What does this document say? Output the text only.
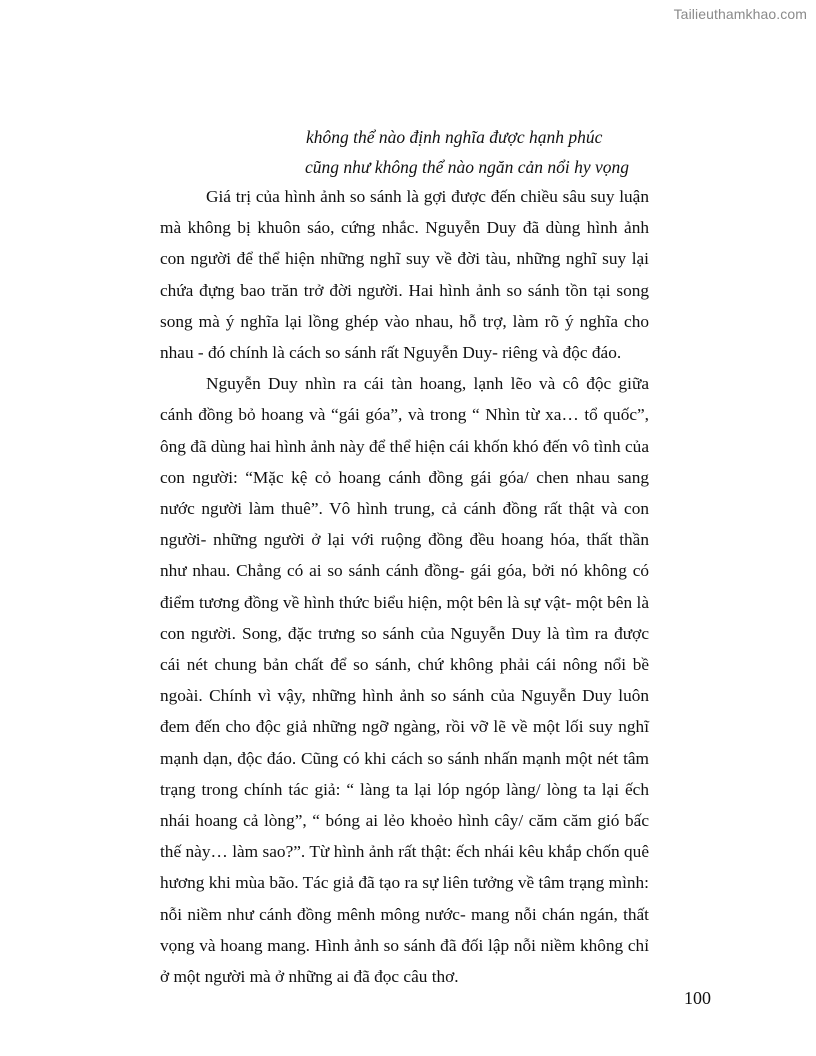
Tailieuthamkhao.com
không thể nào định nghĩa được hạnh phúc
cũng như không thể nào ngăn cản nổi hy vọng

Giá trị của hình ảnh so sánh là gợi được đến chiều sâu suy luận mà không bị khuôn sáo, cứng nhắc. Nguyễn Duy đã dùng hình ảnh con người để thể hiện những nghĩ suy về đời tàu, những nghĩ suy lại chứa đựng bao trăn trở đời người. Hai hình ảnh so sánh tồn tại song song mà ý nghĩa lại lồng ghép vào nhau, hỗ trợ, làm rõ ý nghĩa cho nhau - đó chính là cách so sánh rất Nguyễn Duy- riêng và độc đáo.

Nguyễn Duy nhìn ra cái tàn hoang, lạnh lẽo và cô độc giữa cánh đồng bỏ hoang và “gái góa”, và trong “ Nhìn từ xa… tổ quốc”, ông đã dùng hai hình ảnh này để thể hiện cái khốn khó đến vô tình của con người: “Mặc kệ cỏ hoang cánh đồng gái góa/ chen nhau sang nước người làm thuê”. Vô hình trung, cả cánh đồng rất thật và con người- những người ở lại với ruộng đồng đều hoang hóa, thất thần như nhau. Chẳng có ai so sánh cánh đồng- gái góa, bởi nó không có điểm tương đồng về hình thức biểu hiện, một bên là sự vật- một bên là con người. Song, đặc trưng so sánh của Nguyễn Duy là tìm ra được cái nét chung bản chất để so sánh, chứ không phải cái nông nổi bề ngoài. Chính vì vậy, những hình ảnh so sánh của Nguyễn Duy luôn đem đến cho độc giả những ngỡ ngàng, rồi vỡ lẽ về một lối suy nghĩ mạnh dạn, độc đáo. Cũng có khi cách so sánh nhấn mạnh một nét tâm trạng trong chính tác giả: “ làng ta lại lóp ngóp làng/ lòng ta lại ếch nhái hoang cả lòng”, “ bóng ai lẻo khoẻo hình cây/ căm căm gió bấc thế này… làm sao?”. Từ hình ảnh rất thật: ếch nhái kêu khắp chốn quê hương khi mùa bão. Tác giả đã tạo ra sự liên tưởng về tâm trạng mình: nỗi niềm như cánh đồng mênh mông nước- mang nỗi chán ngán, thất vọng và hoang mang. Hình ảnh so sánh đã đối lập nỗi niềm không chỉ ở một người mà ở những ai đã đọc câu thơ.

100
